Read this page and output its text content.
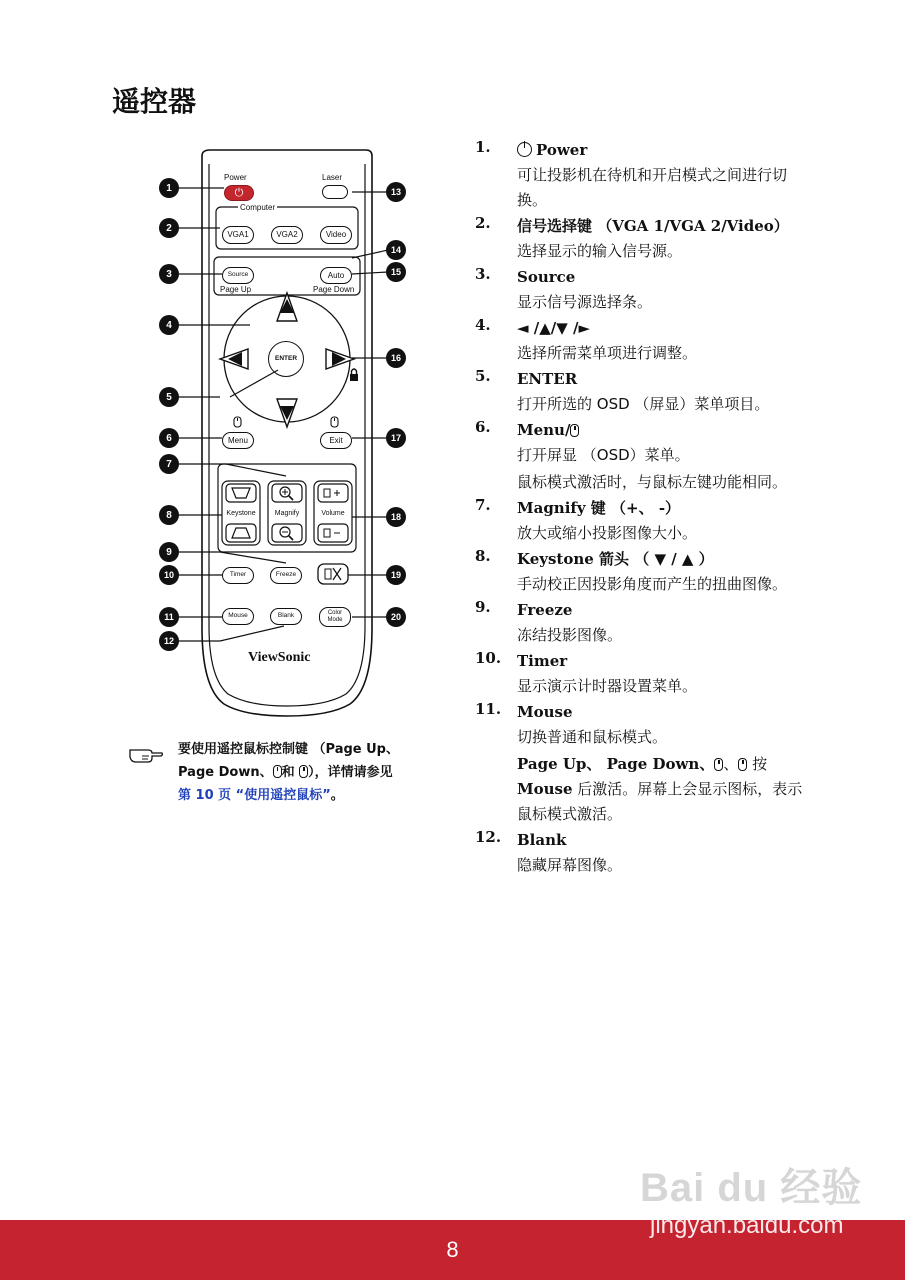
遥控器
Power	Laser
Computer
Page Up	Page Down
Keystone	Magnify	Volume
⏻
VGA1	VGA2	Video
Source	Auto
ENTER
Menu	Exit
Timer	Freeze
Mouse	Blank	Color
Mode
ViewSonic
1
2
3
4
5
6
7
8
9
10
11
12
13
14
15
16
17
18
19
20
要使用遥控鼠标控制键 （Page Up、Page Down、 和 ），详情请参见
第 10 页 “使用遥控鼠标”。
1.	Power
可让投影机在待机和开启模式之间进行切换。
2. 信号选择键 （VGA 1/VGA 2/Video）
选择显示的输入信号源。
3. Source
显示信号源选择条。
4. ◄ /▲/▼ /►
选择所需菜单项进行调整。
5. ENTER
打开所选的 OSD （屏显）菜单项目。
6. Menu/
打开屏显 （OSD）菜单。
鼠标模式激活时，与鼠标左键功能相同。
7. Magnify 键 （+、 -）
放大或缩小投影图像大小。
8. Keystone 箭头 （ ▼ / ▲ ）
手动校正因投影角度而产生的扭曲图像。
9. Freeze
冻结投影图像。
10. Timer
显示演示计时器设置菜单。
11. Mouse
切换普通和鼠标模式。
Page Up、 Page Down、 、 按
Mouse 后激活。屏幕上会显示图标，表示鼠标模式激活。
12. Blank
隐藏屏幕图像。
Bai du 经验
jingyan.baidu.com
8
